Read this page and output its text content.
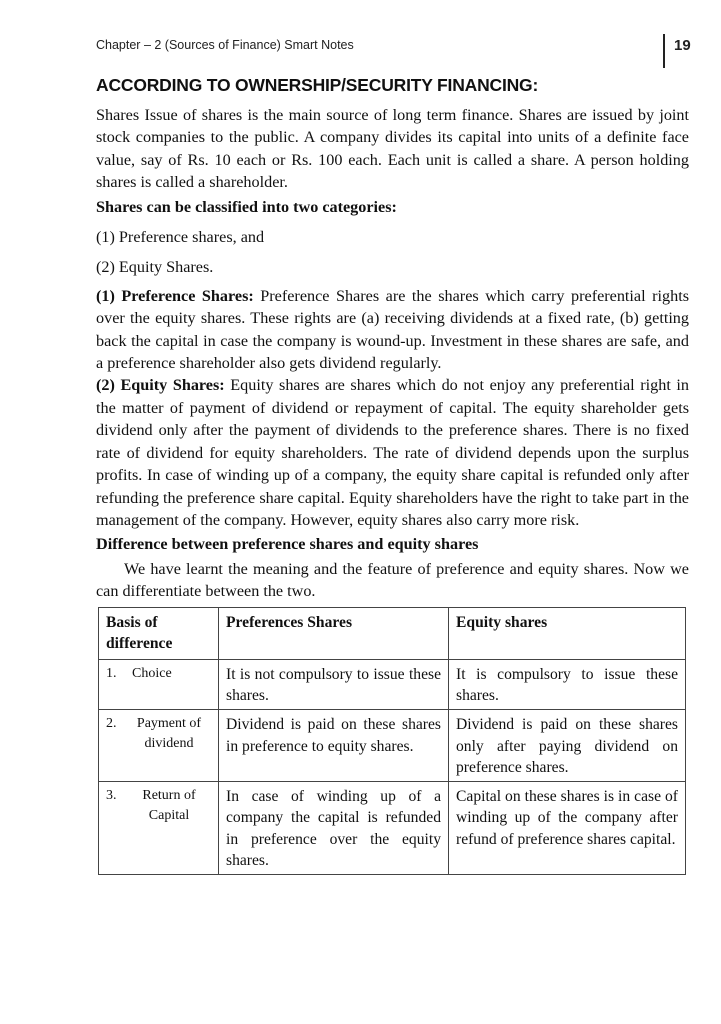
Chapter – 2 (Sources of Finance) Smart Notes	19
ACCORDING TO OWNERSHIP/SECURITY FINANCING:

Shares Issue of shares is the main source of long term finance. Shares are issued by joint stock companies to the public. A company divides its capital into units of a definite face value, say of Rs. 10 each or Rs. 100 each. Each unit is called a share. A person holding shares is called a shareholder.

Shares can be classified into two categories:

(1) Preference shares, and

(2) Equity Shares.

(1) Preference Shares: Preference Shares are the shares which carry preferential rights over the equity shares. These rights are (a) receiving dividends at a fixed rate, (b) getting back the capital in case the company is wound-up. Investment in these shares are safe, and a preference shareholder also gets dividend regularly.

(2) Equity Shares: Equity shares are shares which do not enjoy any preferential right in the matter of payment of dividend or repayment of capital. The equity shareholder gets dividend only after the payment of dividends to the preference shares. There is no fixed rate of dividend for equity shareholders. The rate of dividend depends upon the surplus profits. In case of winding up of a company, the equity share capital is refunded only after refunding the preference share capital. Equity shareholders have the right to take part in the management of the company. However, equity shares also carry more risk.

Difference between preference shares and equity shares

We have learnt the meaning and the feature of preference and equity shares. Now we can differentiate between the two.

Basis of difference	Preferences Shares	Equity shares
1. Choice	It is not compulsory to issue these shares.	It is compulsory to issue these shares.
2. Payment of dividend	Dividend is paid on these shares in preference to equity shares.	Dividend is paid on these shares only after paying dividend on preference shares.
3. Return of Capital	In case of winding up of a company the capital is refunded in preference over the equity shares.	Capital on these shares is in case of winding up of the company after refund of preference shares capital.
